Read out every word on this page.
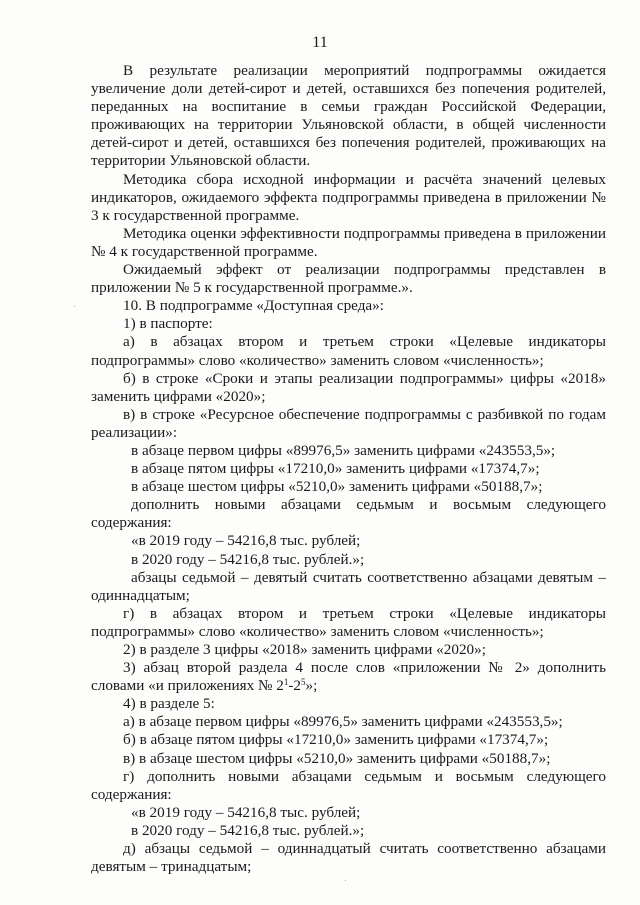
11

В результате реализации мероприятий подпрограммы ожидается увеличение доли детей-сирот и детей, оставшихся без попечения родителей, переданных на воспитание в семьи граждан Российской Федерации, проживающих на территории Ульяновской области, в общей численности детей-сирот и детей, оставшихся без попечения родителей, проживающих на территории Ульяновской области.

Методика сбора исходной информации и расчёта значений целевых индикаторов, ожидаемого эффекта подпрограммы приведена в приложении № 3 к государственной программе.

Методика оценки эффективности подпрограммы приведена в приложении № 4 к государственной программе.

Ожидаемый эффект от реализации подпрограммы представлен в приложении № 5 к государственной программе.».

10. В подпрограмме «Доступная среда»:

1) в паспорте:

а) в абзацах втором и третьем строки «Целевые индикаторы подпрограммы» слово «количество» заменить словом «численность»;

б) в строке «Сроки и этапы реализации подпрограммы» цифры «2018» заменить цифрами «2020»;

в) в строке «Ресурсное обеспечение подпрограммы с разбивкой по годам реализации»:

в абзаце первом цифры «89976,5» заменить цифрами «243553,5»;

в абзаце пятом цифры «17210,0» заменить цифрами «17374,7»;

в абзаце шестом цифры «5210,0» заменить цифрами «50188,7»;

дополнить новыми абзацами седьмым и восьмым следующего содержания:

«в 2019 году – 54216,8 тыс. рублей;

в 2020 году – 54216,8 тыс. рублей.»;

абзацы седьмой – девятый считать соответственно абзацами девятым – одиннадцатым;

г) в абзацах втором и третьем строки «Целевые индикаторы подпрограммы» слово «количество» заменить словом «численность»;

2) в разделе 3 цифры «2018» заменить цифрами «2020»;

3) абзац второй раздела 4 после слов «приложении № 2» дополнить словами «и приложениях № $2^1-2^5$»;

4) в разделе 5:

а) в абзаце первом цифры «89976,5» заменить цифрами «243553,5»;

б) в абзаце пятом цифры «17210,0» заменить цифрами «17374,7»;

в) в абзаце шестом цифры «5210,0» заменить цифрами «50188,7»;

г) дополнить новыми абзацами седьмым и восьмым следующего содержания:

«в 2019 году – 54216,8 тыс. рублей;

в 2020 году – 54216,8 тыс. рублей.»;

д) абзацы седьмой – одиннадцатый считать соответственно абзацами девятым – тринадцатым;
